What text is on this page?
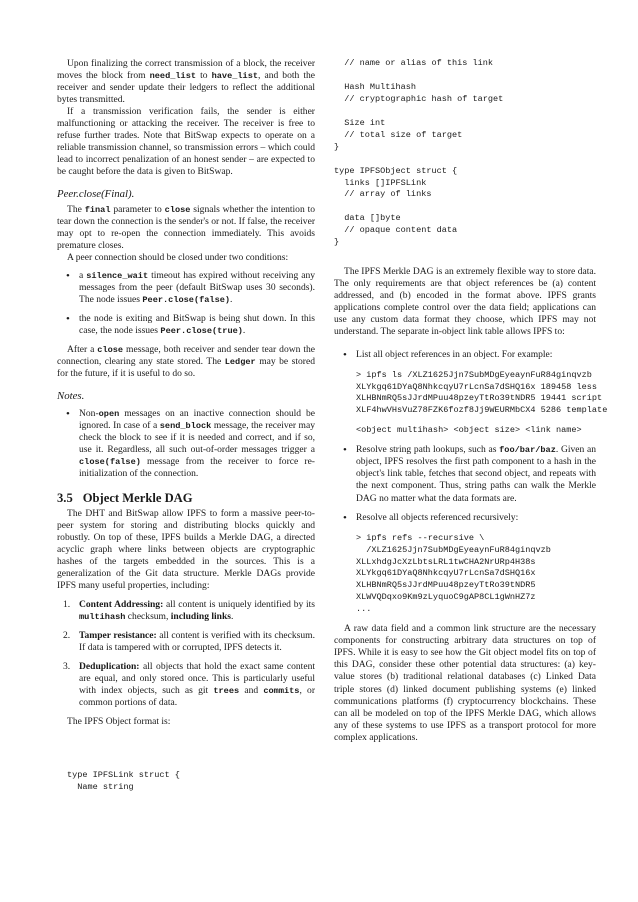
Upon finalizing the correct transmission of a block, the receiver moves the block from need_list to have_list, and both the receiver and sender update their ledgers to reflect the additional bytes transmitted.

If a transmission verification fails, the sender is either malfunctioning or attacking the receiver. The receiver is free to refuse further trades. Note that BitSwap expects to operate on a reliable transmission channel, so transmission errors – which could lead to incorrect penalization of an honest sender – are expected to be caught before the data is given to BitSwap.

Peer.close(Final).

The final parameter to close signals whether the intention to tear down the connection is the sender's or not. If false, the receiver may opt to re-open the connection immediately. This avoids premature closes.

A peer connection should be closed under two conditions:

• a silence_wait timeout has expired without receiving any messages from the peer (default BitSwap uses 30 seconds). The node issues Peer.close(false).
• the node is exiting and BitSwap is being shut down. In this case, the node issues Peer.close(true).

After a close message, both receiver and sender tear down the connection, clearing any state stored. The Ledger may be stored for the future, if it is useful to do so.

Notes.
• Non-open messages on an inactive connection should be ignored. In case of a send_block message, the receiver may check the block to see if it is needed and correct, and if so, use it. Regardless, all such out-of-order messages trigger a close(false) message from the receiver to force re-initialization of the connection.
3.5 Object Merkle DAG

The DHT and BitSwap allow IPFS to form a massive peer-to-peer system for storing and distributing blocks quickly and robustly. On top of these, IPFS builds a Merkle DAG, a directed acyclic graph where links between objects are cryptographic hashes of the targets embedded in the sources. This is a generalization of the Git data structure. Merkle DAGs provide IPFS many useful properties, including:

1. Content Addressing: all content is uniquely identified by its multihash checksum, including links.
2. Tamper resistance: all content is verified with its checksum. If data is tampered with or corrupted, IPFS detects it.
3. Deduplication: all objects that hold the exact same content are equal, and only stored once. This is particularly useful with index objects, such as git trees and commits, or common portions of data.

The IPFS Object format is:

type IPFSLink struct {
Name string
// name or alias of this link

Hash Multihash
// cryptographic hash of target

Size int
// total size of target
}

type IPFSObject struct {
links []IPFSLink
// array of links

data []byte
// opaque content data
}

The IPFS Merkle DAG is an extremely flexible way to store data. The only requirements are that object references be (a) content addressed, and (b) encoded in the format above. IPFS grants applications complete control over the data field; applications can use any custom data format they choose, which IPFS may not understand. The separate in-object link table allows IPFS to:

• List all object references in an object. For example:
> ipfs ls /XLZ1625Jjn7SubMDgEyeaynFuR84ginqvzb
XLYkgq61DYaQ8NhkcqyU7rLcnSa7dSHQ16x 189458 less
XLHBNmRQ5sJJrdMPuu48pzeyTtRo39tNDR5 19441 script
XLF4hwVHsVuZ78FZK6fozf8Jj9WEURMbCX4 5286 template
<object multihash> <object size> <link name>
• Resolve string path lookups, such as foo/bar/baz. Given an object, IPFS resolves the first path component to a hash in the object's link table, fetches that second object, and repeats with the next component. Thus, string paths can walk the Merkle DAG no matter what the data formats are.
• Resolve all objects referenced recursively:
> ipfs refs --recursive \
/XLZ1625Jjn7SubMDgEyeaynFuR84ginqvzb
XLLxhdgJcXzLbtsLRL1twCHA2NrURp4H38s
XLYkgq61DYaQ8NhkcqyU7rLcnSa7dSHQ16x
XLHBNmRQ5sJJrdMPuu48pzeyTtRo39tNDR5
XLWVQDqxo9Km9zLyquoC9gAP8CL1gWnHZ7z
...

A raw data field and a common link structure are the necessary components for constructing arbitrary data structures on top of IPFS. While it is easy to see how the Git object model fits on top of this DAG, consider these other potential data structures: (a) key-value stores (b) traditional relational databases (c) Linked Data triple stores (d) linked document publishing systems (e) linked communications platforms (f) cryptocurrency blockchains. These can all be modeled on top of the IPFS Merkle DAG, which allows any of these systems to use IPFS as a transport protocol for more complex applications.
